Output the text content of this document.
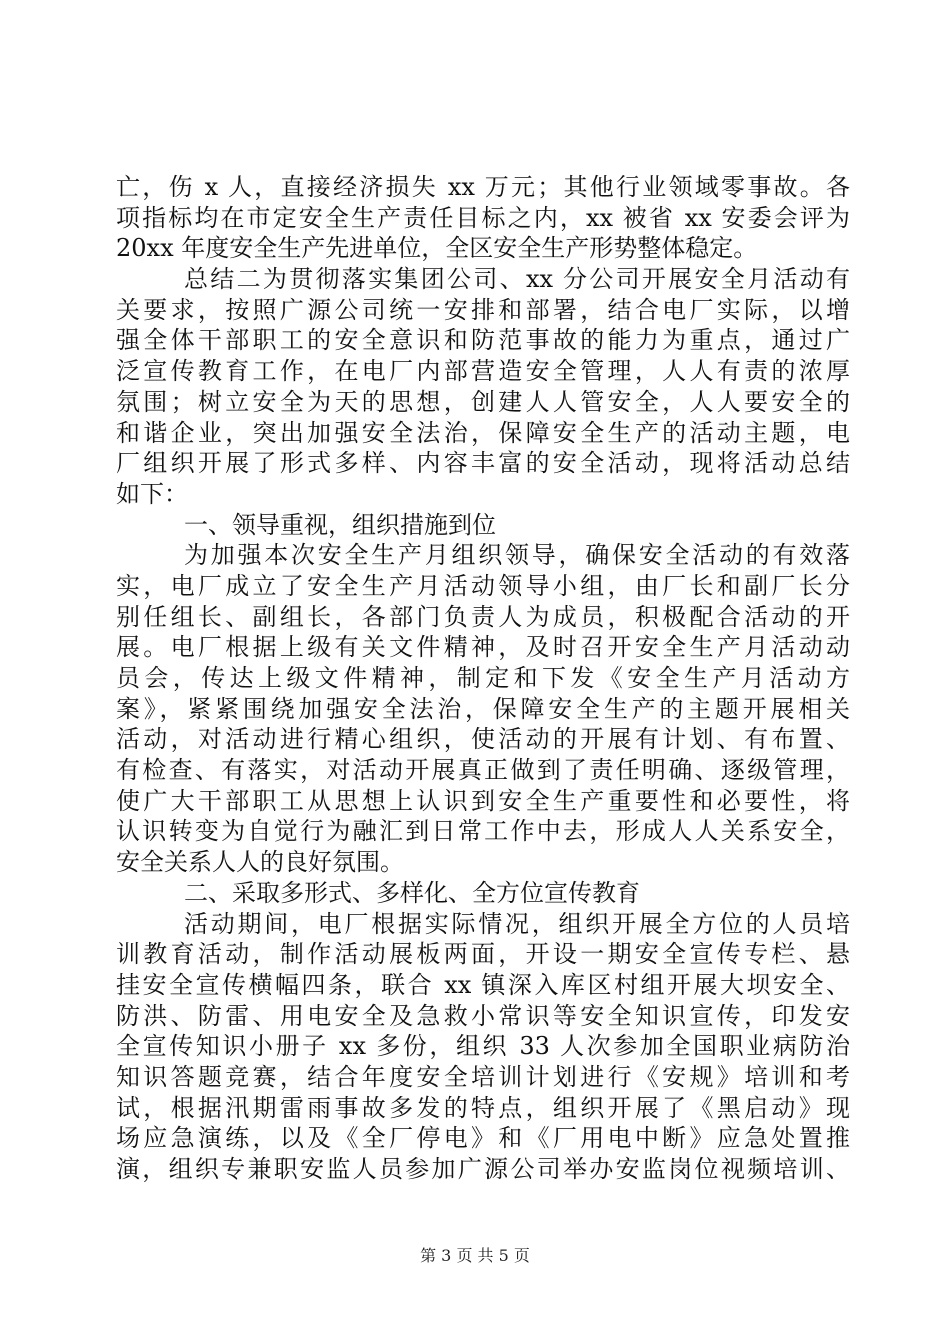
亡，伤 x 人，直接经济损失 xx 万元；其他行业领域零事故。各
项指标均在市定安全生产责任目标之内，xx 被省 xx 安委会评为
20xx 年度安全生产先进单位，全区安全生产形势整体稳定。
总结二为贯彻落实集团公司、xx 分公司开展安全月活动有
关要求，按照广源公司统一安排和部署，结合电厂实际，以增
强全体干部职工的安全意识和防范事故的能力为重点，通过广
泛宣传教育工作，在电厂内部营造安全管理，人人有责的浓厚
氛围；树立安全为天的思想，创建人人管安全，人人要安全的
和谐企业，突出加强安全法治，保障安全生产的活动主题，电
厂组织开展了形式多样、内容丰富的安全活动，现将活动总结
如下：
一、领导重视，组织措施到位
为加强本次安全生产月组织领导，确保安全活动的有效落
实，电厂成立了安全生产月活动领导小组，由厂长和副厂长分
别任组长、副组长，各部门负责人为成员，积极配合活动的开
展。电厂根据上级有关文件精神，及时召开安全生产月活动动
员会，传达上级文件精神，制定和下发《安全生产月活动方
案》，紧紧围绕加强安全法治，保障安全生产的主题开展相关
活动，对活动进行精心组织，使活动的开展有计划、有布置、
有检查、有落实，对活动开展真正做到了责任明确、逐级管理，
使广大干部职工从思想上认识到安全生产重要性和必要性，将
认识转变为自觉行为融汇到日常工作中去，形成人人关系安全，
安全关系人人的良好氛围。
二、采取多形式、多样化、全方位宣传教育
活动期间，电厂根据实际情况，组织开展全方位的人员培
训教育活动，制作活动展板两面，开设一期安全宣传专栏、悬
挂安全宣传横幅四条，联合 xx 镇深入库区村组开展大坝安全、
防洪、防雷、用电安全及急救小常识等安全知识宣传，印发安
全宣传知识小册子 xx 多份，组织 33 人次参加全国职业病防治
知识答题竞赛，结合年度安全培训计划进行《安规》培训和考
试，根据汛期雷雨事故多发的特点，组织开展了《黑启动》现
场应急演练，以及《全厂停电》和《厂用电中断》应急处置推
演，组织专兼职安监人员参加广源公司举办安监岗位视频培训、
第 3 页 共 5 页
